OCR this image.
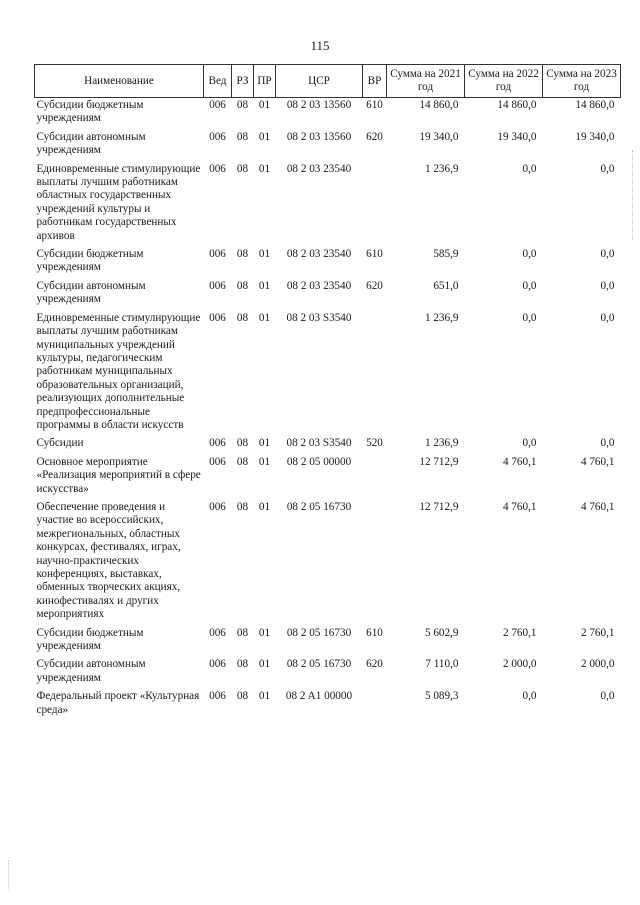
115
Наименование	Вед	РЗ	ПР	ЦСР	ВР	Сумма на 2021 год	Сумма на 2022 год	Сумма на 2023 год
Субсидии бюджетным учреждениям	006	08	01	08 2 03 13560	610	14 860,0	14 860,0	14 860,0
Субсидии автономным учреждениям	006	08	01	08 2 03 13560	620	19 340,0	19 340,0	19 340,0
Единовременные стимулирующие выплаты лучшим работникам областных государственных учреждений культуры и работникам государственных архивов	006	08	01	08 2 03 23540		1 236,9	0,0	0,0
Субсидии бюджетным учреждениям	006	08	01	08 2 03 23540	610	585,9	0,0	0,0
Субсидии автономным учреждениям	006	08	01	08 2 03 23540	620	651,0	0,0	0,0
Единовременные стимулирующие выплаты лучшим работникам муниципальных учреждений культуры, педагогическим работникам муниципальных образовательных организаций, реализующих дополнительные предпрофессиональные программы в области искусств	006	08	01	08 2 03 S3540		1 236,9	0,0	0,0
Субсидии	006	08	01	08 2 03 S3540	520	1 236,9	0,0	0,0
Основное мероприятие «Реализация мероприятий в сфере искусства»	006	08	01	08 2 05 00000		12 712,9	4 760,1	4 760,1
Обеспечение проведения и участие во всероссийских, межрегиональных, областных конкурсах, фестивалях, играх, научно-практических конференциях, выставках, обменных творческих акциях, кинофестивалях и других мероприятиях	006	08	01	08 2 05 16730		12 712,9	4 760,1	4 760,1
Субсидии бюджетным учреждениям	006	08	01	08 2 05 16730	610	5 602,9	2 760,1	2 760,1
Субсидии автономным учреждениям	006	08	01	08 2 05 16730	620	7 110,0	2 000,0	2 000,0
Федеральный проект «Культурная среда»	006	08	01	08 2 A1 00000		5 089,3	0,0	0,0
